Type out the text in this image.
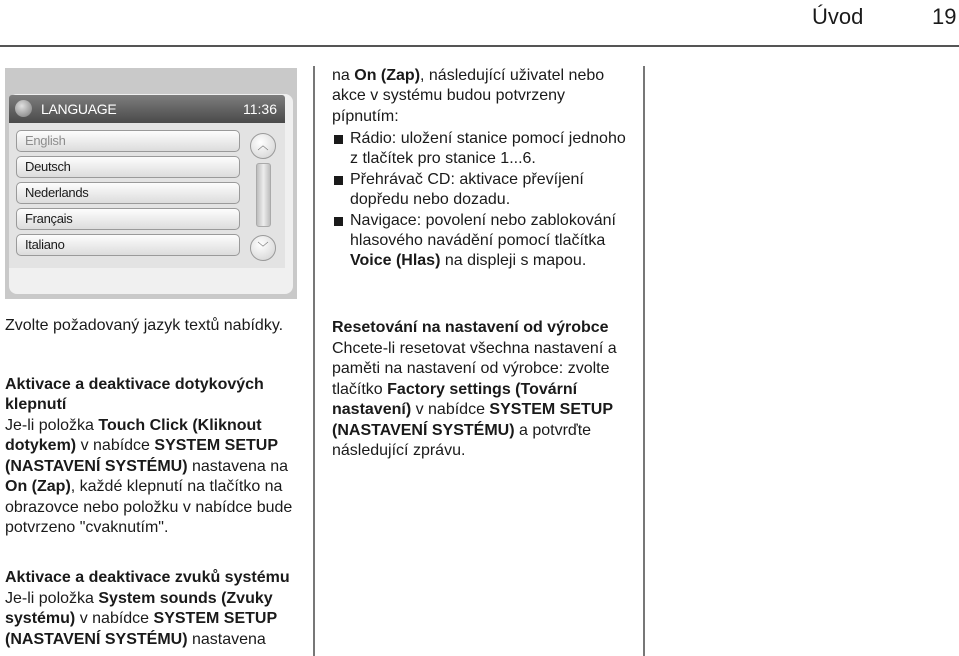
Úvod	19
LANGUAGE	11:36
English
Deutsch
Nederlands
Français
Italiano
︿
﹀
Zvolte požadovaný jazyk textů nabídky.
Aktivace a deaktivace dotykových klepnutí
Je-li položka Touch Click (Kliknout dotykem) v nabídce SYSTEM SETUP (NASTAVENÍ SYSTÉMU) nastavena na On (Zap), každé klepnutí na tlačítko na obrazovce nebo položku v nabídce bude potvrzeno "cvaknutím".
Aktivace a deaktivace zvuků systému
Je-li položka System sounds (Zvuky systému) v nabídce SYSTEM SETUP (NASTAVENÍ SYSTÉMU) nastavena
na On (Zap), následující uživatel nebo akce v systému budou potvrzeny pípnutím:
Rádio: uložení stanice pomocí jednoho z tlačítek pro stanice 1...6.
Přehrávač CD: aktivace převíjení dopředu nebo dozadu.
Navigace: povolení nebo zablokování hlasového navádění pomocí tlačítka Voice (Hlas) na displeji s mapou.
Resetování na nastavení od výrobce
Chcete-li resetovat všechna nastavení a paměti na nastavení od výrobce: zvolte tlačítko Factory settings (Tovární nastavení) v nabídce SYSTEM SETUP (NASTAVENÍ SYSTÉMU) a potvrďte následující zprávu.
